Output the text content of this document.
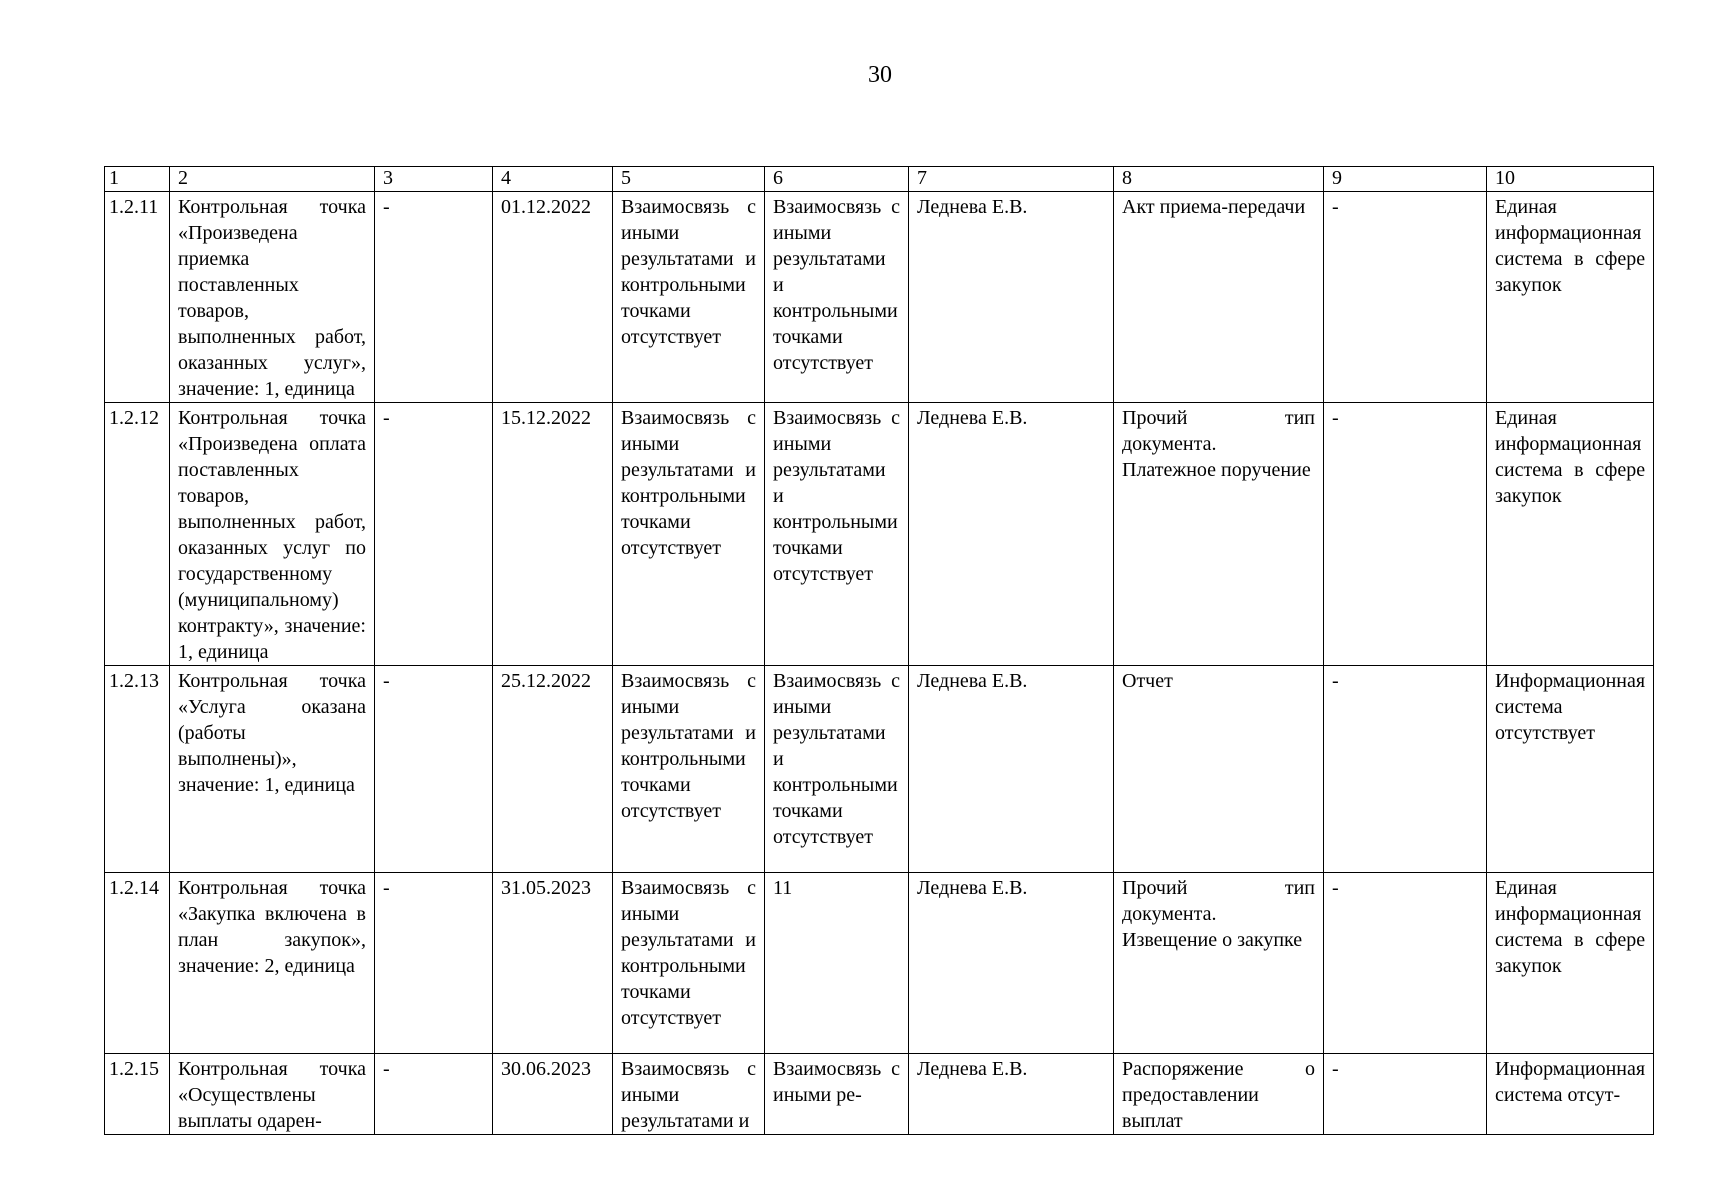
30
1	2	3	4	5	6	7	8	9	10
1.2.11	Контрольная точка «Произведена приемка поставленных товаров, выполненных работ, оказанных услуг», значение: 1, единица	-	01.12.2022	Взаимосвязь с иными результатами и контрольными точками отсутствует	Взаимосвязь с иными результатами и контрольными точками отсутствует	Леднева Е.В.	Акт приема-передачи	-	Единая информационная система в сфере закупок
1.2.12	Контрольная точка «Произведена оплата поставленных товаров, выполненных работ, оказанных услуг по государственному (муниципальному) контракту», значение: 1, единица	-	15.12.2022	Взаимосвязь с иными результатами и контрольными точками отсутствует	Взаимосвязь с иными результатами и контрольными точками отсутствует	Леднева Е.В.	Прочий тип документа. Платежное поручение	-	Единая информационная система в сфере закупок
1.2.13	Контрольная точка «Услуга оказана (работы выполнены)», значение: 1, единица	-	25.12.2022	Взаимосвязь с иными результатами и контрольными точками отсутствует	Взаимосвязь с иными результатами и контрольными точками отсутствует	Леднева Е.В.	Отчет	-	Информационная система отсутствует
1.2.14	Контрольная точка «Закупка включена в план закупок», значение: 2, единица	-	31.05.2023	Взаимосвязь с иными результатами и контрольными точками отсутствует	11	Леднева Е.В.	Прочий тип документа. Извещение о закупке	-	Единая информационная система в сфере закупок
1.2.15	Контрольная точка «Осуществлены выплаты одарен-	-	30.06.2023	Взаимосвязь с иными результатами и	Взаимосвязь с иными ре-	Леднева Е.В.	Распоряжение о предоставлении выплат	-	Информационная система отсут-
